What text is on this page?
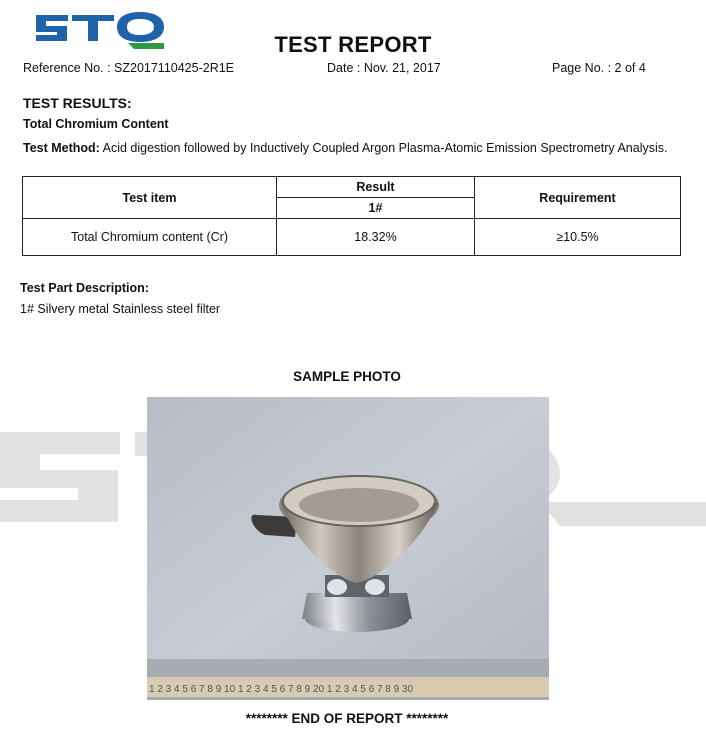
TEST REPORT
Reference No. : SZ2017110425-2R1E	Date : Nov. 21, 2017	Page No. : 2 of 4
TEST RESULTS:
Total Chromium Content
Test Method: Acid digestion followed by Inductively Coupled Argon Plasma-Atomic Emission Spectrometry Analysis.
Test item	Result	Requirement
	1#	
Total Chromium content (Cr)	18.32%	≥10.5%
Test Part Description:
1# Silvery metal Stainless steel filter
SAMPLE PHOTO
1 2 3 4 5 6 7 8 9 10 1 2 3 4 5 6 7 8 9 20 1 2 3 4 5 6 7 8 9 30
******** END OF REPORT ********
